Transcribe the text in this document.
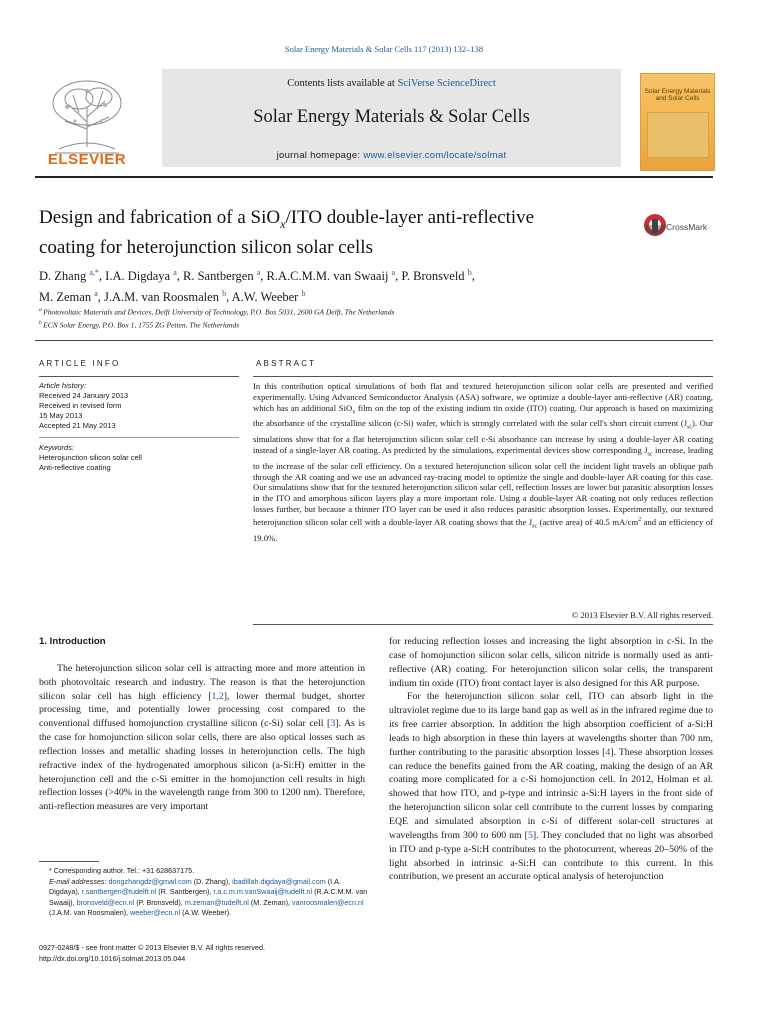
Solar Energy Materials & Solar Cells 117 (2013) 132–138
ELSEVIER
Contents lists available at SciVerse ScienceDirect
Solar Energy Materials & Solar Cells
journal homepage: www.elsevier.com/locate/solmat
Solar Energy Materials and Solar Cells
Design and fabrication of a SiO$_x$/ITO double-layer anti-reflective
coating for heterojunction silicon solar cells
CrossMark
D. Zhang $^{a,*}$, I.A. Digdaya $^a$, R. Santbergen $^a$, R.A.C.M.M. van Swaaij $^a$, P. Bronsveld $^b$,
M. Zeman $^a$, J.A.M. van Roosmalen $^b$, A.W. Weeber $^b$
$^a$ Photovoltaic Materials and Devices, Delft University of Technology, P.O. Box 5031, 2600 GA Delft, The Netherlands
$^b$ ECN Solar Energy, P.O. Box 1, 1755 ZG Petten, The Netherlands
ARTICLE INFO	ABSTRACT
Article history:
Received 24 January 2013
Received in revised form
15 May 2013
Accepted 21 May 2013
Keywords:
Heterojunction silicon solar cell
Anti-reflective coating
In this contribution optical simulations of both flat and textured heterojunction silicon solar cells are presented and verified experimentally. Using Advanced Semiconductor Analysis (ASA) software, we optimize a double-layer anti-reflective (AR) coating, which has an additional SiO$_x$ film on the top of the existing indium tin oxide (ITO) coating. Our approach is based on maximizing the absorbance of the crystalline silicon (c-Si) wafer, which is strongly correlated with the solar cell's short circuit current $(J_{sc})$. Our simulations show that for a flat heterojunction silicon solar cell c-Si absorbance can increase by using a double-layer AR coating instead of a single-layer AR coating. As predicted by the simulations, experimental devices show corresponding $J_{sc}$ increase, leading to the increase of the solar cell efficiency. On a textured heterojunction silicon solar cell the incident light travels an oblique path through the AR coating and we use an advanced ray-tracing model to optimize the single and double-layer AR coating for this case. Our simulations show that for the textured heterojunction silicon solar cell, reflection losses are lower but parasitic absorption losses in the ITO and amorphous silicon layers play a more important role. Using a double-layer AR coating not only reduces reflection losses further, but because a thinner ITO layer can be used it also reduces parasitic absorption losses. Experimentally, our textured heterojunction silicon solar cell with a double-layer AR coating shows that the $J_{sc}$ (active area) of 40.5 $mA/cm^2$ and an efficiency of 19.0%.
© 2013 Elsevier B.V. All rights reserved.
1. Introduction

The heterojunction silicon solar cell is attracting more and more attention in both photovoltaic research and industry. The reason is that the heterojunction silicon solar cell has high efficiency [1,2], lower thermal budget, shorter processing time, and potentially lower processing cost compared to the conventional diffused homojunction crystalline silicon (c-Si) solar cell [3]. As is the case for homojunction silicon solar cells, there are also optical losses such as reflection losses and metallic shading losses in heterojunction cells. The high refractive index of the hydrogenated amorphous silicon (a-Si:H) emitter in the heterojunction cell and the c-Si emitter in the homojunction cell results in high reflection losses (>40% in the wavelength range from 300 to 1200 nm). Therefore, anti-reflection measures are very important

for reducing reflection losses and increasing the light absorption in c-Si. In the case of homojunction silicon solar cells, silicon nitride is normally used as anti-reflective (AR) coating. For heterojunction silicon solar cells, the transparent indium tin oxide (ITO) front contact layer is also designed for this AR purpose.

For the heterojunction silicon solar cell, ITO can absorb light in the ultraviolet regime due to its large band gap as well as in the infrared regime due to its free carrier absorption. In addition the high absorption coefficient of a-Si:H leads to high absorption in these thin layers at wavelengths shorter than 700 nm, further contributing to the parasitic absorption losses [4]. These absorption losses can reduce the benefits gained from the AR coating, making the design of an AR coating more complicated for a c-Si homojunction cell. In 2012, Holman et al. showed that how ITO, and p-type and intrinsic a-Si:H layers in the front side of the heterojunction silicon solar cell contribute to the current losses by comparing EQE and simulated absorption in c-Si of different solar-cell structures at wavelengths from 300 to 600 nm [5]. They concluded that no light was absorbed in ITO and p-type a-Si:H contributes to the photocurrent, whereas 20–50% of the light absorbed in intrinsic a-Si:H can contribute to this current. In this contribution, we present an accurate optical analysis of heterojunction

* Corresponding author. Tel.: +31 628637175.
E-mail addresses: dongzhangdz@gmail.com (D. Zhang), ibadillah.digdaya@gmail.com (I.A. Digdaya), r.santbergen@tudelft.nl (R. Santbergen), r.a.c.m.m.vanSwaaij@tudelft.nl (R.A.C.M.M. van Swaaij), bronsveld@ecn.nl (P. Bronsveld), m.zeman@tudelft.nl (M. Zeman), vanroosmalen@ecn.nl (J.A.M. van Roosmalen), weeber@ecn.nl (A.W. Weeber).
0927-0248/$ - see front matter © 2013 Elsevier B.V. All rights reserved.
http://dx.doi.org/10.1016/j.solmat.2013.05.044
